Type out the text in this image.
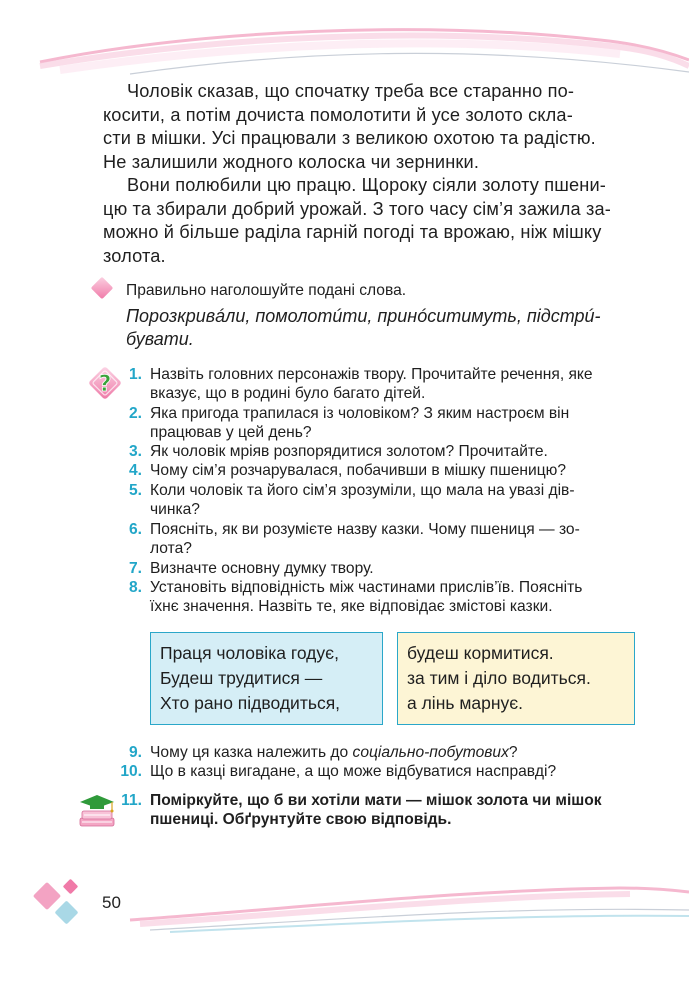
Чоловік сказав, що спочатку треба все старанно по-
косити, а потім дочиста помолотити й усе золото скла-
сти в мішки. Усі працювали з великою охотою та радістю.
Не залишили жодного колоска чи зернинки.
Вони полюбили цю працю. Щороку сіяли золоту пшени-
цю та збирали добрий урожай. З того часу сім’я зажила за-
можно й більше раділа гарній погоді та врожаю, ніж мішку
золота.
Правильно наголошуйте подані слова.
Порозкривáли, помолотúти, принóситимуть, підстрú-
бувати.
?	1. Назвіть головних персонажів твору. Прочитайте речення, яке
вказує, що в родині було багато дітей.
2. Яка пригода трапилася із чоловіком? З яким настроєм він
працював у цей день?
3. Як чоловік мріяв розпорядитися золотом? Прочитайте.
4. Чому сім’я розчарувалася, побачивши в мішку пшеницю?
5. Коли чоловік та його сім’я зрозуміли, що мала на увазі дів-
чинка?
6. Поясніть, як ви розумієте назву казки. Чому пшениця — зо-
лота?
7. Визначте основну думку твору.
8. Установіть відповідність між частинами прислів’їв. Поясніть
їхнє значення. Назвіть те, яке відповідає змістові казки.
Праця чоловіка годує,
Будеш трудитися —
Хто рано підводиться,
будеш кормитися.
за тим і діло водиться.
а лінь марнує.
9. Чому ця казка належить до соціально-побутових?
10. Що в казці вигадане, а що може відбуватися насправді?
11. Поміркуйте, що б ви хотіли мати — мішок золота чи мішок
пшениці. Обґрунтуйте свою відповідь.
50
